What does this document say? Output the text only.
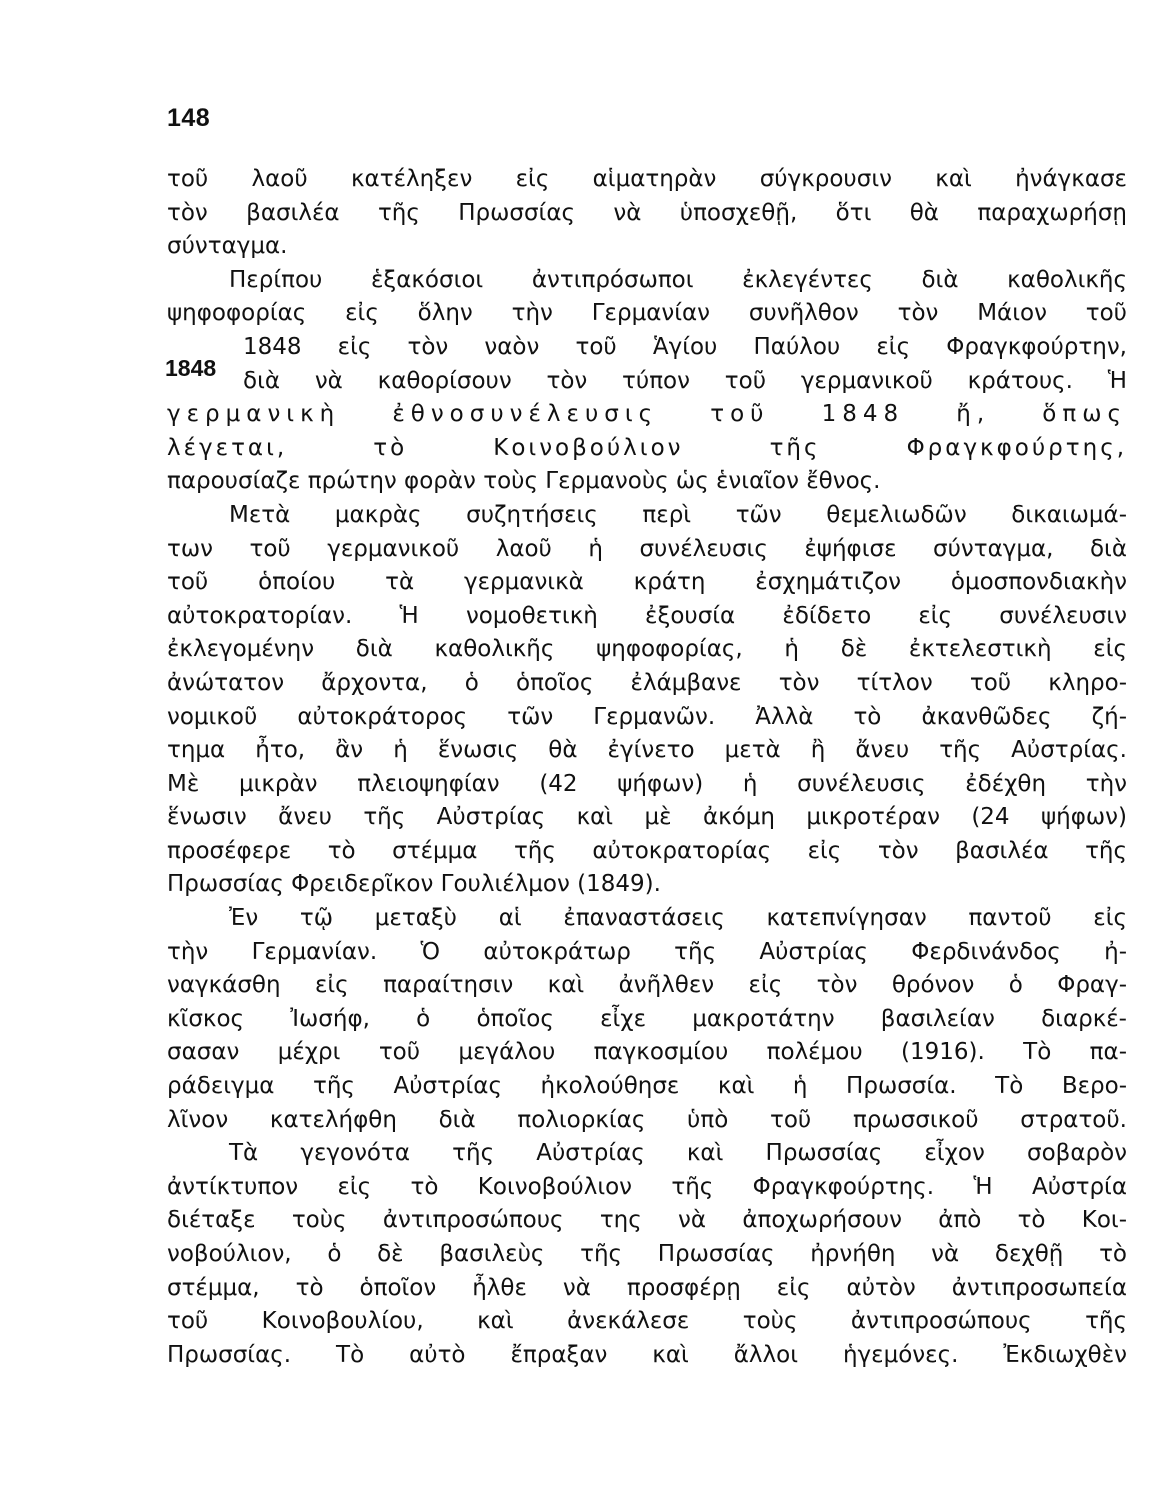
148
1848
τοῦ λαοῦ κατέληξεν εἰς αἱματηρὰν σύγκρουσιν καὶ ἠνάγκασε
τὸν βασιλέα τῆς Πρωσσίας νὰ ὑποσχεθῇ, ὅτι θὰ παραχωρήσῃ
σύνταγμα.
Περίπου ἑξακόσιοι ἀντιπρόσωποι ἐκλεγέντες διὰ καθολικῆς
ψηφοφορίας εἰς ὅλην τὴν Γερμανίαν συνῆλθον τὸν Μάιον τοῦ
1848 εἰς τὸν ναὸν τοῦ Ἁγίου Παύλου εἰς Φραγκφούρτην,
διὰ νὰ καθορίσουν τὸν τύπον τοῦ γερμανικοῦ κράτους. Ἡ
γερμανικὴ ἐθνοσυνέλευσις τοῦ 1848 ἤ, ὅπως
λέγεται, τὸ Κοινοβούλιον τῆς Φραγκφούρτης,
παρουσίαζε πρώτην φορὰν τοὺς Γερμανοὺς ὡς ἑνιαῖον ἔθνος.
Μετὰ μακρὰς συζητήσεις περὶ τῶν θεμελιωδῶν δικαιωμά-
των τοῦ γερμανικοῦ λαοῦ ἡ συνέλευσις ἐψήφισε σύνταγμα, διὰ
τοῦ ὁποίου τὰ γερμανικὰ κράτη ἐσχημάτιζον ὁμοσπονδιακὴν
αὐτοκρατορίαν. Ἡ νομοθετικὴ ἐξουσία ἐδίδετο εἰς συνέλευσιν
ἐκλεγομένην διὰ καθολικῆς ψηφοφορίας, ἡ δὲ ἐκτελεστικὴ εἰς
ἀνώτατον ἄρχοντα, ὁ ὁποῖος ἐλάμβανε τὸν τίτλον τοῦ κληρο-
νομικοῦ αὐτοκράτορος τῶν Γερμανῶν. Ἀλλὰ τὸ ἀκανθῶδες ζή-
τημα ἦτο, ἂν ἡ ἕνωσις θὰ ἐγίνετο μετὰ ἢ ἄνευ τῆς Αὐστρίας.
Μὲ μικρὰν πλειοψηφίαν (42 ψήφων) ἡ συνέλευσις ἐδέχθη τὴν
ἕνωσιν ἄνευ τῆς Αὐστρίας καὶ μὲ ἀκόμη μικροτέραν (24 ψήφων)
προσέφερε τὸ στέμμα τῆς αὐτοκρατορίας εἰς τὸν βασιλέα τῆς
Πρωσσίας Φρειδερῖκον Γουλιέλμον (1849).
Ἐν τῷ μεταξὺ αἱ ἐπαναστάσεις κατεπνίγησαν παντοῦ εἰς
τὴν Γερμανίαν. Ὁ αὐτοκράτωρ τῆς Αὐστρίας Φερδινάνδος ἠ-
ναγκάσθη εἰς παραίτησιν καὶ ἀνῆλθεν εἰς τὸν θρόνον ὁ Φραγ-
κῖσκος Ἰωσήφ, ὁ ὁποῖος εἶχε μακροτάτην βασιλείαν διαρκέ-
σασαν μέχρι τοῦ μεγάλου παγκοσμίου πολέμου (1916). Τὸ πα-
ράδειγμα τῆς Αὐστρίας ἠκολούθησε καὶ ἡ Πρωσσία. Τὸ Βερο-
λῖνον κατελήφθη διὰ πολιορκίας ὑπὸ τοῦ πρωσσικοῦ στρατοῦ.
Τὰ γεγονότα τῆς Αὐστρίας καὶ Πρωσσίας εἶχον σοβαρὸν
ἀντίκτυπον εἰς τὸ Κοινοβούλιον τῆς Φραγκφούρτης. Ἡ Αὐστρία
διέταξε τοὺς ἀντιπροσώπους της νὰ ἀποχωρήσουν ἀπὸ τὸ Κοι-
νοβούλιον, ὁ δὲ βασιλεὺς τῆς Πρωσσίας ἠρνήθη νὰ δεχθῇ τὸ
στέμμα, τὸ ὁποῖον ἦλθε νὰ προσφέρῃ εἰς αὐτὸν ἀντιπροσωπεία
τοῦ Κοινοβουλίου, καὶ ἀνεκάλεσε τοὺς ἀντιπροσώπους τῆς
Πρωσσίας. Τὸ αὐτὸ ἔπραξαν καὶ ἄλλοι ἡγεμόνες. Ἐκδιωχθὲν
